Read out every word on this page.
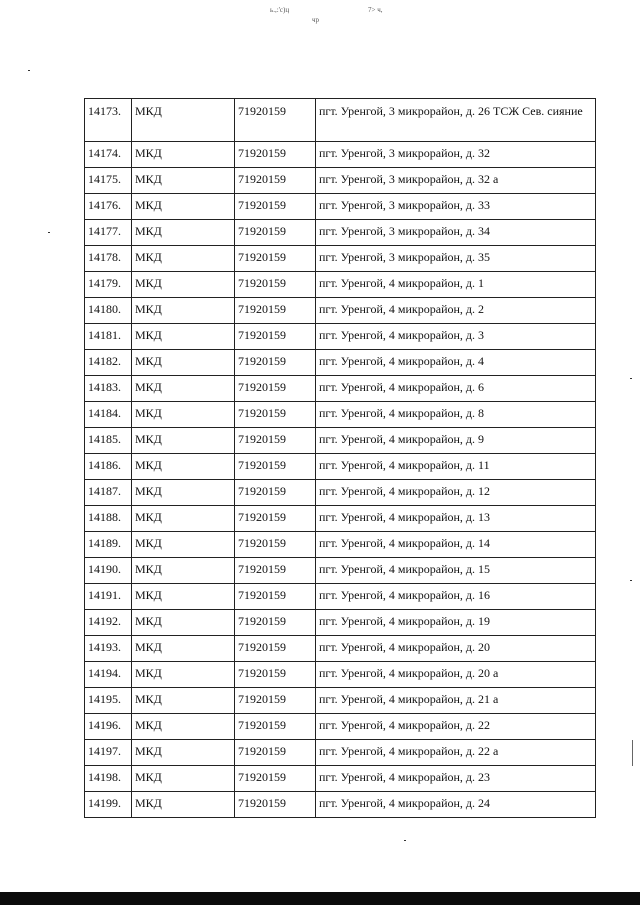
ь.,:'с)ц	7> ч,
чр
14173.	МКД	71920159	пгт. Уренгой, 3 микрорайон, д. 26 ТСЖ Сев. сияние
14174.	МКД	71920159	пгт. Уренгой, 3 микрорайон, д. 32
14175.	МКД	71920159	пгт. Уренгой, 3 микрорайон, д. 32 а
14176.	МКД	71920159	пгт. Уренгой, 3 микрорайон, д. 33
14177.	МКД	71920159	пгт. Уренгой, 3 микрорайон, д. 34
14178.	МКД	71920159	пгт. Уренгой, 3 микрорайон, д. 35
14179.	МКД	71920159	пгт. Уренгой, 4 микрорайон, д. 1
14180.	МКД	71920159	пгт. Уренгой, 4 микрорайон, д. 2
14181.	МКД	71920159	пгт. Уренгой, 4 микрорайон, д. 3
14182.	МКД	71920159	пгт. Уренгой, 4 микрорайон, д. 4
14183.	МКД	71920159	пгт. Уренгой, 4 микрорайон, д. 6
14184.	МКД	71920159	пгт. Уренгой, 4 микрорайон, д. 8
14185.	МКД	71920159	пгт. Уренгой, 4 микрорайон, д. 9
14186.	МКД	71920159	пгт. Уренгой, 4 микрорайон, д. 11
14187.	МКД	71920159	пгт. Уренгой, 4 микрорайон, д. 12
14188.	МКД	71920159	пгт. Уренгой, 4 микрорайон, д. 13
14189.	МКД	71920159	пгт. Уренгой, 4 микрорайон, д. 14
14190.	МКД	71920159	пгт. Уренгой, 4 микрорайон, д. 15
14191.	МКД	71920159	пгт. Уренгой, 4 микрорайон, д. 16
14192.	МКД	71920159	пгт. Уренгой, 4 микрорайон, д. 19
14193.	МКД	71920159	пгт. Уренгой, 4 микрорайон, д. 20
14194.	МКД	71920159	пгт. Уренгой, 4 микрорайон, д. 20 а
14195.	МКД	71920159	пгт. Уренгой, 4 микрорайон, д. 21 а
14196.	МКД	71920159	пгт. Уренгой, 4 микрорайон, д. 22
14197.	МКД	71920159	пгт. Уренгой, 4 микрорайон, д. 22 а
14198.	МКД	71920159	пгт. Уренгой, 4 микрорайон, д. 23
14199.	МКД	71920159	пгт. Уренгой, 4 микрорайон, д. 24
